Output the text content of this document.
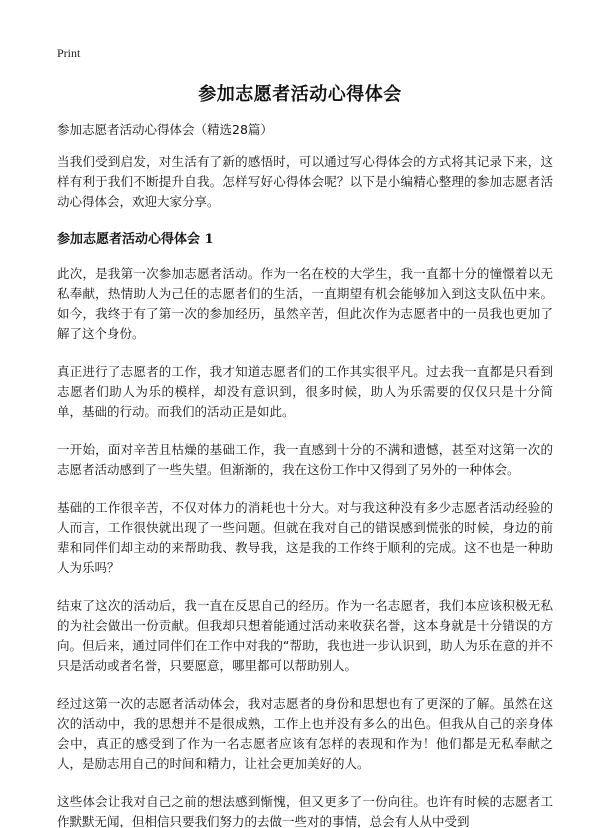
Print
参加志愿者活动心得体会

参加志愿者活动心得体会（精选28篇）

当我们受到启发，对生活有了新的感悟时，可以通过写心得体会的方式将其记录下来，这样有利于我们不断提升自我。怎样写好心得体会呢？以下是小编精心整理的参加志愿者活动心得体会，欢迎大家分享。

参加志愿者活动心得体会 1

此次，是我第一次参加志愿者活动。作为一名在校的大学生，我一直都十分的憧憬着以无私奉献，热情助人为己任的志愿者们的生活，一直期望有机会能够加入到这支队伍中来。如今，我终于有了第一次的参加经历，虽然辛苦，但此次作为志愿者中的一员我也更加了解了这个身份。

真正进行了志愿者的工作，我才知道志愿者们的工作其实很平凡。过去我一直都是只看到志愿者们助人为乐的模样，却没有意识到，很多时候，助人为乐需要的仅仅只是十分简单，基础的行动。而我们的活动正是如此。

一开始，面对辛苦且枯燥的基础工作，我一直感到十分的不满和遗憾，甚至对这第一次的志愿者活动感到了一些失望。但渐渐的，我在这份工作中又得到了另外的一种体会。

基础的工作很辛苦，不仅对体力的消耗也十分大。对与我这种没有多少志愿者活动经验的人而言，工作很快就出现了一些问题。但就在我对自己的错误感到慌张的时候，身边的前辈和同伴们却主动的来帮助我、教导我，这是我的工作终于顺利的完成。这不也是一种助人为乐吗？

结束了这次的活动后，我一直在反思自己的经历。作为一名志愿者，我们本应该积极无私的为社会做出一份贡献。但我却只想着能通过活动来收获名誉，这本身就是十分错误的方向。但后来，通过同伴们在工作中对我的“帮助，我也进一步认识到，助人为乐在意的并不只是活动或者名誉，只要愿意，哪里都可以帮助别人。

经过这第一次的志愿者活动体会，我对志愿者的身份和思想也有了更深的了解。虽然在这次的活动中，我的思想并不是很成熟，工作上也并没有多么的出色。但我从自己的亲身体会中，真正的感受到了作为一名志愿者应该有怎样的表现和作为！他们都是无私奉献之人，是励志用自己的时间和精力，让社会更加美好的人。

这些体会让我对自己之前的想法感到惭愧，但又更多了一份向往。也许有时候的志愿者工作默默无闻，但相信只要我们努力的去做一些对的事情，总会有人从中受到
